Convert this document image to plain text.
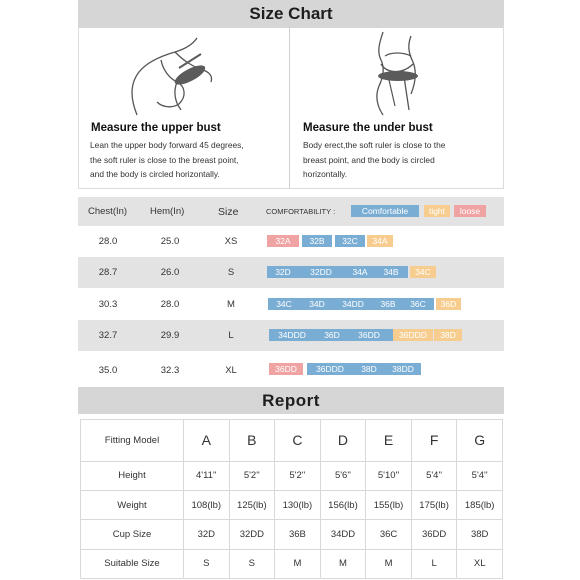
Size Chart
Measure the upper bust
Lean the upper body forward 45 degrees,
the soft ruler is close to the breast point,
and the body is circled horizontally.
Measure the under bust
Body erect,the soft ruler is close to the
breast point, and the body is circled
horizontally.
Chest(In) Hem(In)	Size	COMFORTABILITY :	Comfortable	tight	loose
28.0	25.0	XS	32A	32B	32C	34A
28.7	26.0	S	32D	32DD	34A	34B	34C
30.3	28.0	M	34C	34D	34DD	36B	36C	36D
32.7	29.9	L	34DDD	36D	36DD	36DDD	38D
35.0	32.3	XL	36DD	36DDD	38D	38DD
Report
Fitting Model	A	B	C	D	E	F	G
Height	4'11''	5'2''	5'2''	5'6''	5'10''	5'4''	5'4''
Weight	108(lb)	125(lb)	130(lb)	156(lb)	155(lb)	175(lb)	185(lb)
Cup Size	32D	32DD	36B	34DD	36C	36DD	38D
Suitable Size	S	S	M	M	M	L	XL
